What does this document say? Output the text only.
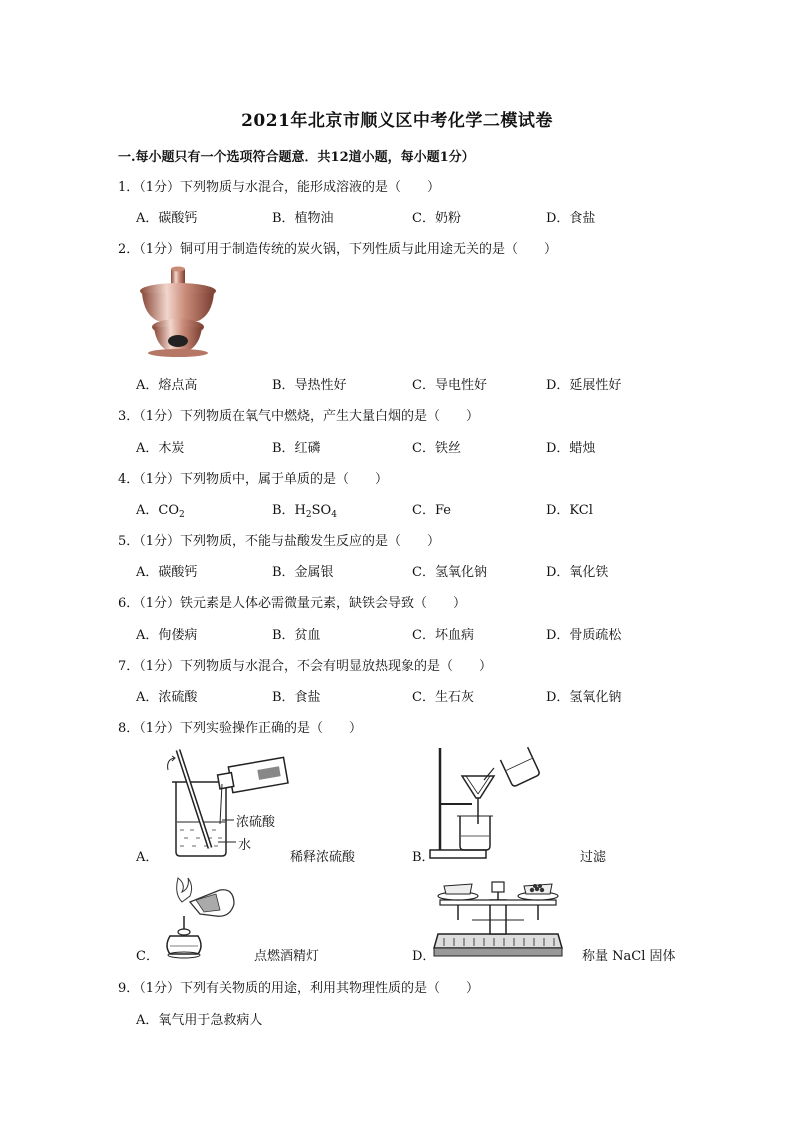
2021年北京市顺义区中考化学二模试卷
一.每小题只有一个选项符合题意．共12道小题，每小题1分）
1．（1分）下列物质与水混合，能形成溶液的是（　　）
A．碳酸钙	B．植物油	C．奶粉	D．食盐
2．（1分）铜可用于制造传统的炭火锅，下列性质与此用途无关的是（　　）
A．熔点高	B．导热性好	C．导电性好	D．延展性好
3．（1分）下列物质在氧气中燃烧，产生大量白烟的是（　　）
A．木炭	B．红磷	C．铁丝	D．蜡烛
4．（1分）下列物质中，属于单质的是（　　）
A．$CO_2$	B．$H_2SO_4$	C．Fe	D．KCl
5．（1分）下列物质，不能与盐酸发生反应的是（　　）
A．碳酸钙	B．金属银	C．氢氧化钠	D．氧化铁
6．（1分）铁元素是人体必需微量元素，缺铁会导致（　　）
A．佝偻病	B．贫血	C．坏血病	D．骨质疏松
7．（1分）下列物质与水混合，不会有明显放热现象的是（　　）
A．浓硫酸	B．食盐	C．生石灰	D．氢氧化钠
8．（1分）下列实验操作正确的是（　　）
浓硫酸
水
A．	稀释浓硫酸	B．	过滤
C．	点燃酒精灯	D．	称量 NaCl 固体
9．（1分）下列有关物质的用途，利用其物理性质的是（　　）
A．氧气用于急救病人
